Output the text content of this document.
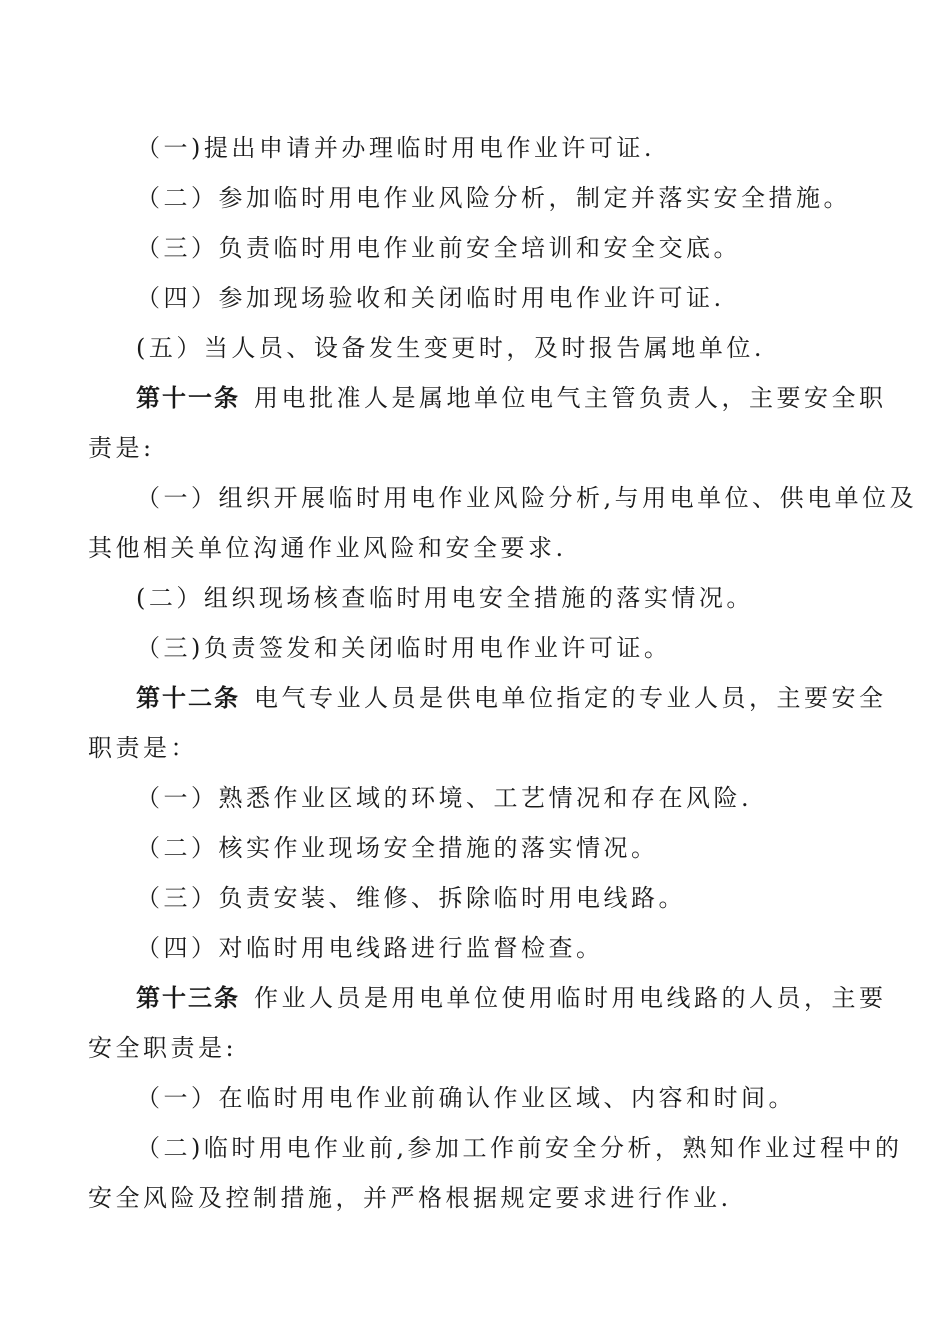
（一)提出申请并办理临时用电作业许可证.
（二）参加临时用电作业风险分析，制定并落实安全措施。
（三）负责临时用电作业前安全培训和安全交底。
（四）参加现场验收和关闭临时用电作业许可证.
(五）当人员、设备发生变更时，及时报告属地单位.
第十一条 用电批准人是属地单位电气主管负责人，主要安全职
责是:
（一）组织开展临时用电作业风险分析,与用电单位、供电单位及
其他相关单位沟通作业风险和安全要求.
(二）组织现场核查临时用电安全措施的落实情况。
（三)负责签发和关闭临时用电作业许可证。
第十二条 电气专业人员是供电单位指定的专业人员，主要安全
职责是：
（一）熟悉作业区域的环境、工艺情况和存在风险.
（二）核实作业现场安全措施的落实情况。
（三）负责安装、维修、拆除临时用电线路。
（四）对临时用电线路进行监督检查。
第十三条 作业人员是用电单位使用临时用电线路的人员，主要
安全职责是:
（一）在临时用电作业前确认作业区域、内容和时间。
（二)临时用电作业前,参加工作前安全分析，熟知作业过程中的
安全风险及控制措施，并严格根据规定要求进行作业.
